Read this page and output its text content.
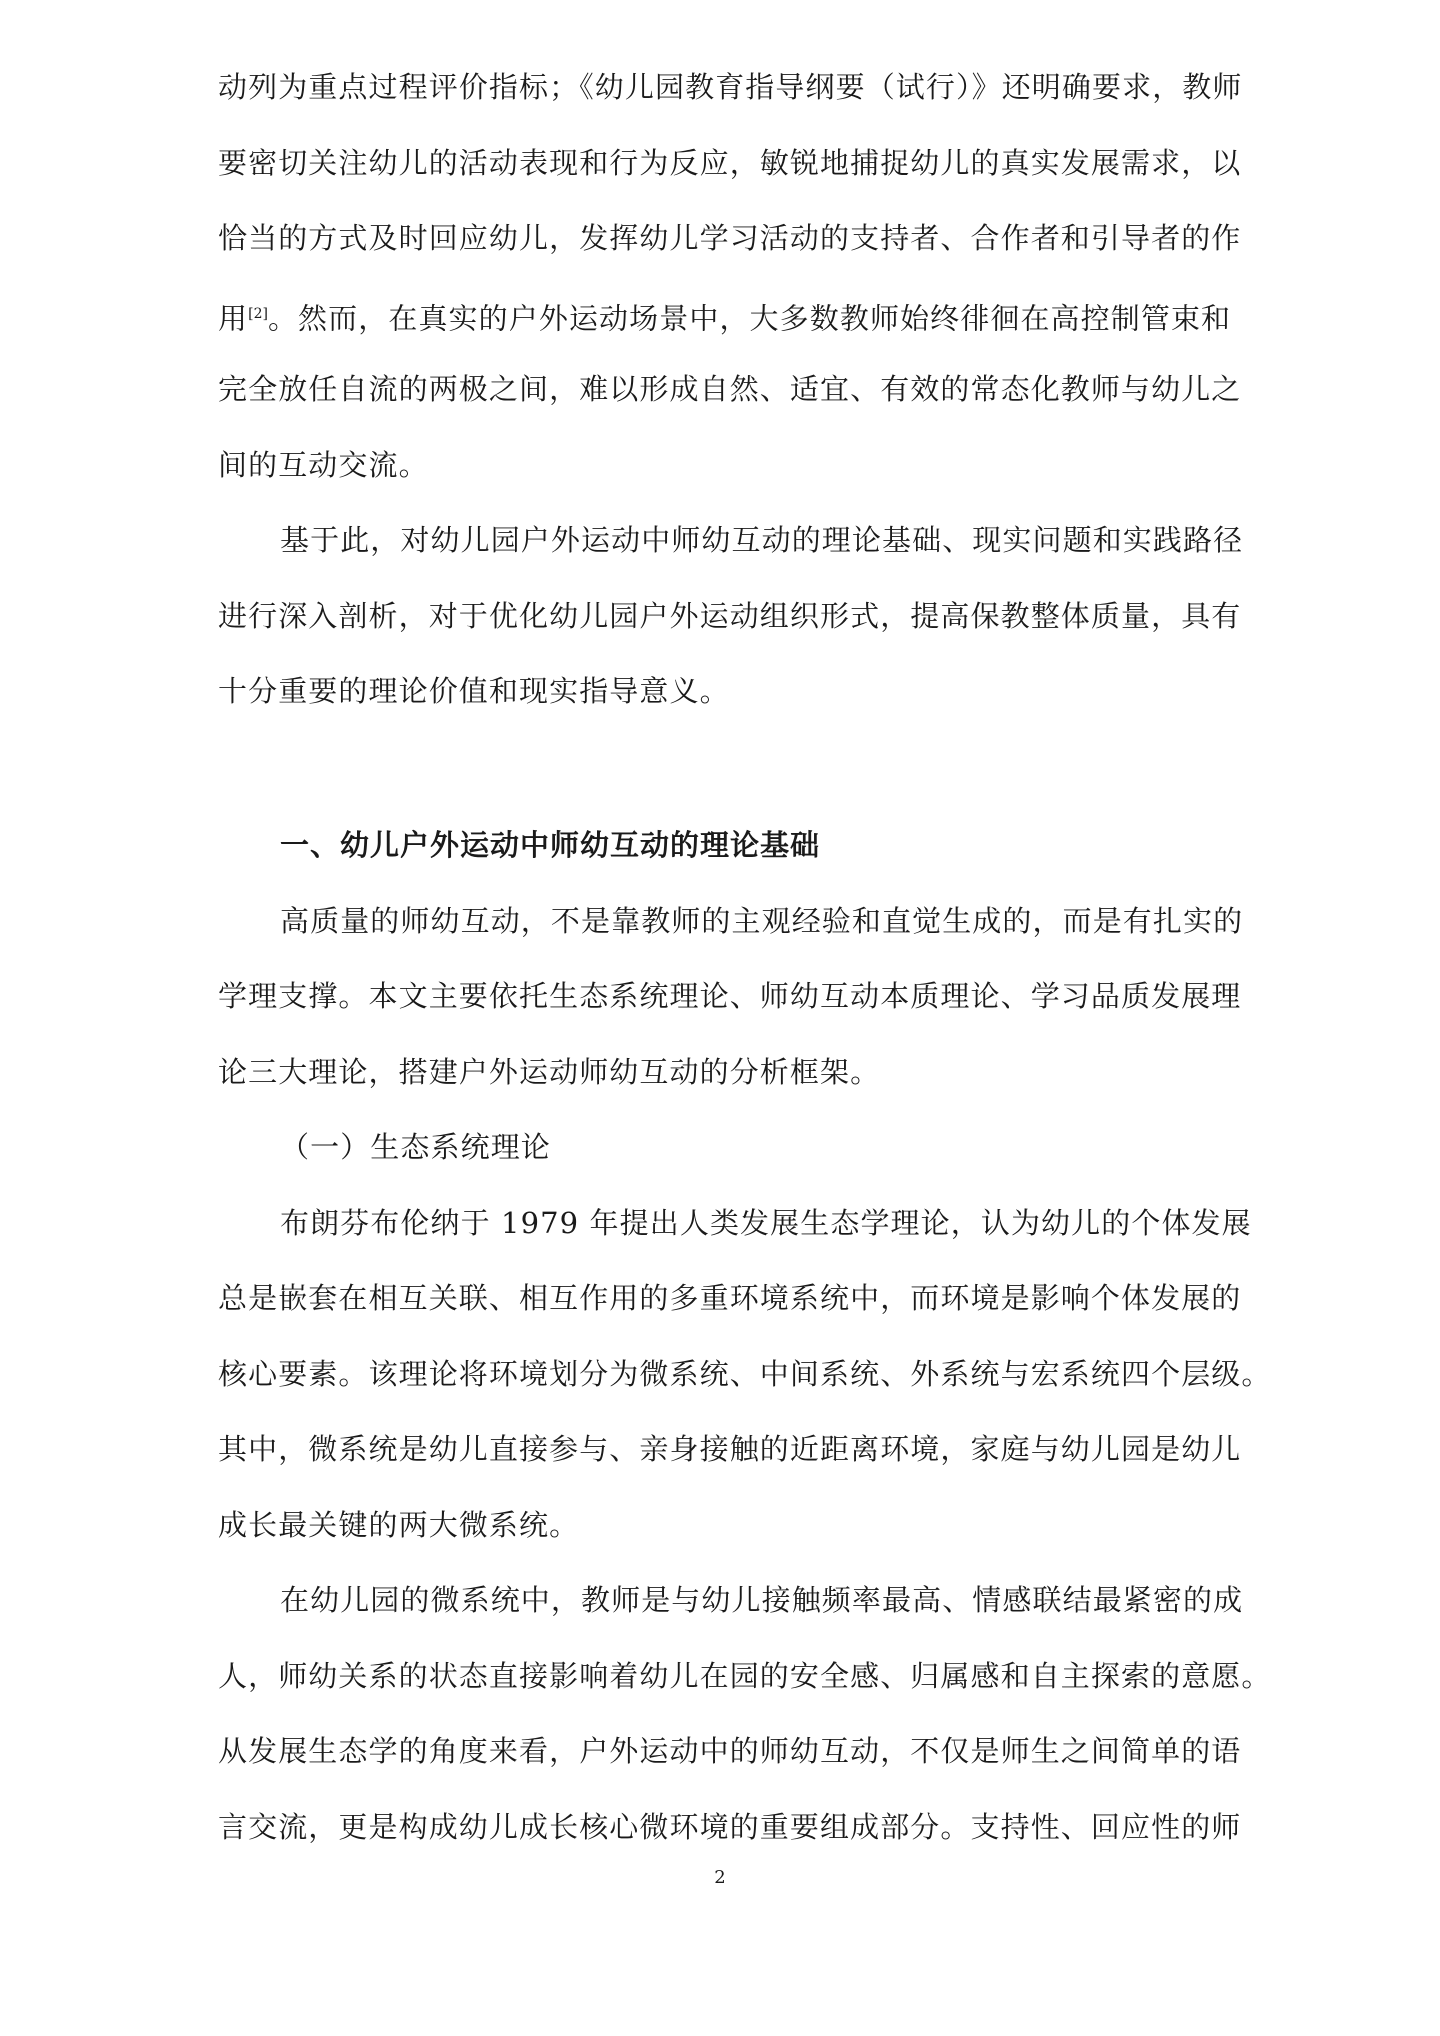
动列为重点过程评价指标；《幼儿园教育指导纲要（试行）》还明确要求，教师
要密切关注幼儿的活动表现和行为反应，敏锐地捕捉幼儿的真实发展需求，以
恰当的方式及时回应幼儿，发挥幼儿学习活动的支持者、合作者和引导者的作
用[2]。然而，在真实的户外运动场景中，大多数教师始终徘徊在高控制管束和
完全放任自流的两极之间，难以形成自然、适宜、有效的常态化教师与幼儿之
间的互动交流。
基于此，对幼儿园户外运动中师幼互动的理论基础、现实问题和实践路径
进行深入剖析，对于优化幼儿园户外运动组织形式，提高保教整体质量，具有
十分重要的理论价值和现实指导意义。
一、幼儿户外运动中师幼互动的理论基础
高质量的师幼互动，不是靠教师的主观经验和直觉生成的，而是有扎实的
学理支撑。本文主要依托生态系统理论、师幼互动本质理论、学习品质发展理
论三大理论，搭建户外运动师幼互动的分析框架。
（一）生态系统理论
布朗芬布伦纳于 1979 年提出人类发展生态学理论，认为幼儿的个体发展
总是嵌套在相互关联、相互作用的多重环境系统中，而环境是影响个体发展的
核心要素。该理论将环境划分为微系统、中间系统、外系统与宏系统四个层级。
其中，微系统是幼儿直接参与、亲身接触的近距离环境，家庭与幼儿园是幼儿
成长最关键的两大微系统。
在幼儿园的微系统中，教师是与幼儿接触频率最高、情感联结最紧密的成
人，师幼关系的状态直接影响着幼儿在园的安全感、归属感和自主探索的意愿。
从发展生态学的角度来看，户外运动中的师幼互动，不仅是师生之间简单的语
言交流，更是构成幼儿成长核心微环境的重要组成部分。支持性、回应性的师
2
